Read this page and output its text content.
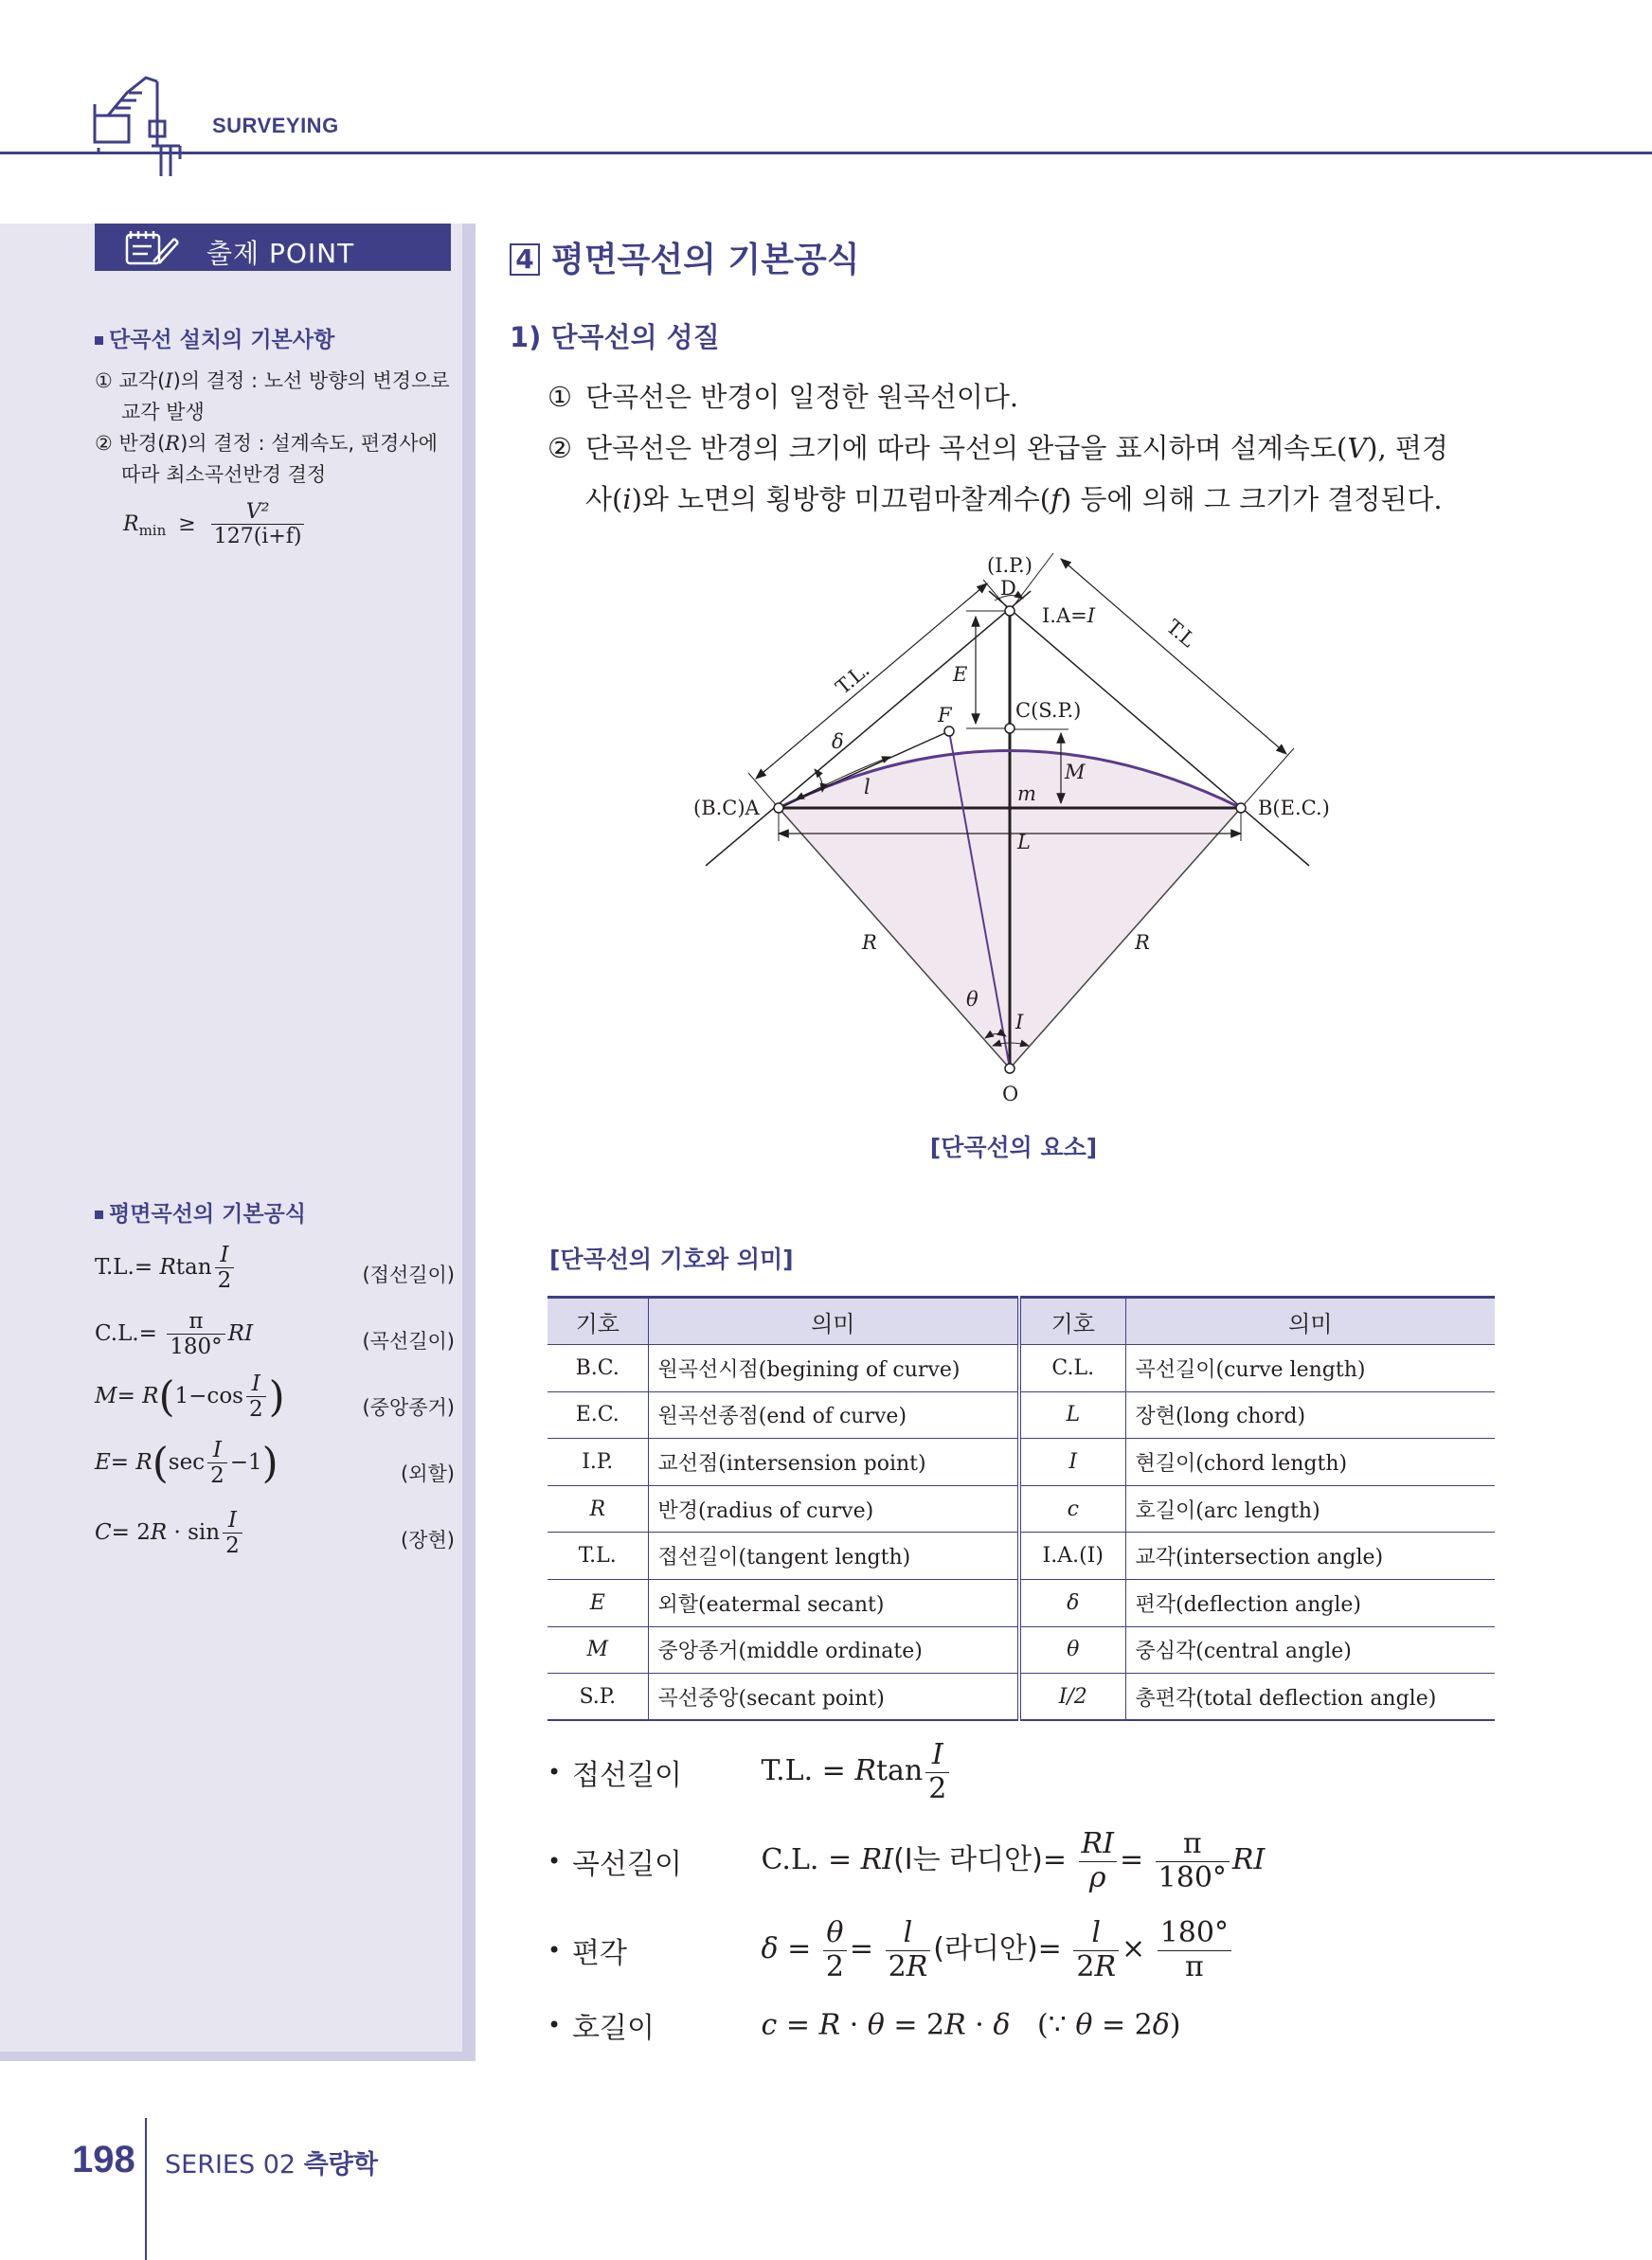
SURVEYING
출제 POINT
단곡선 설치의 기본사항
① 교각(I)의 결정 : 노선 방향의 변경으로
교각 발생
② 반경(R)의 결정 : 설계속도, 편경사에
따라 최소곡선반경 결정
$R_{min} \ge \frac{\text{V²}}{127(i+f)}$
평면곡선의 기본공식
T.L.= Rtan $\frac{I}{2}$	(접선길이)
$C.L.= \frac{\pi}{180^\circ}$ RI	(곡선길이)
$M= R(1-\cos \frac{I}{2}$ )	(중앙종거)
$E= R(\sec \frac{I}{2} -1)$	(외할)
$C= 2R \cdot \sin \frac{I}{2}$	(장현)
4 평면곡선의 기본공식
1) 단곡선의 성질
① 단곡선은 반경이 일정한 원곡선이다.
② 단곡선은 반경의 크기에 따라 곡선의 완급을 표시하며 설계속도(V), 편경
사(i)와 노면의 횡방향 미끄럼마찰계수(f) 등에 의해 그 크기가 결정된다.
(I.P.)
D
I.A=I
T.L.
T.L
E
F	C(S.P.)
δ
l
M
m
(B.C)A	B(E.C.)
L
R	R
θ
I
O
[단곡선의 요소]
[단곡선의 기호와 의미]
기호	의미	기호	의미
B.C.	원곡선시점(begining of curve)	C.L.	곡선길이(curve length)
E.C.	원곡선종점(end of curve)	L	장현(long chord)
I.P.	교선점(intersension point)	I	현길이(chord length)
R	반경(radius of curve)	c	호길이(arc length)
T.L.	접선길이(tangent length)	I.A.(I)	교각(intersection angle)
E	외할(eatermal secant)	δ	편각(deflection angle)
M	중앙종거(middle ordinate)	θ	중심각(central angle)
S.P.	곡선중앙(secant point)	I/2	총편각(total deflection angle)
• 접선길이	T.L. = Rtan $\frac{I}{2}$
• 곡선길이	C.L. = RI(I는 라디안)= $\frac{RI}{\rho} = \frac{\pi}{180^\circ}$ RI
• 편각	$\delta = \frac{\theta}{2} = \frac{l}{2R}$ (라디안)= $\frac{l}{2R} \times \frac{180^\circ}{\pi}$
• 호길이	c = R · θ = 2R · δ   (∵ θ = 2δ)
198 SERIES 02 측량학
